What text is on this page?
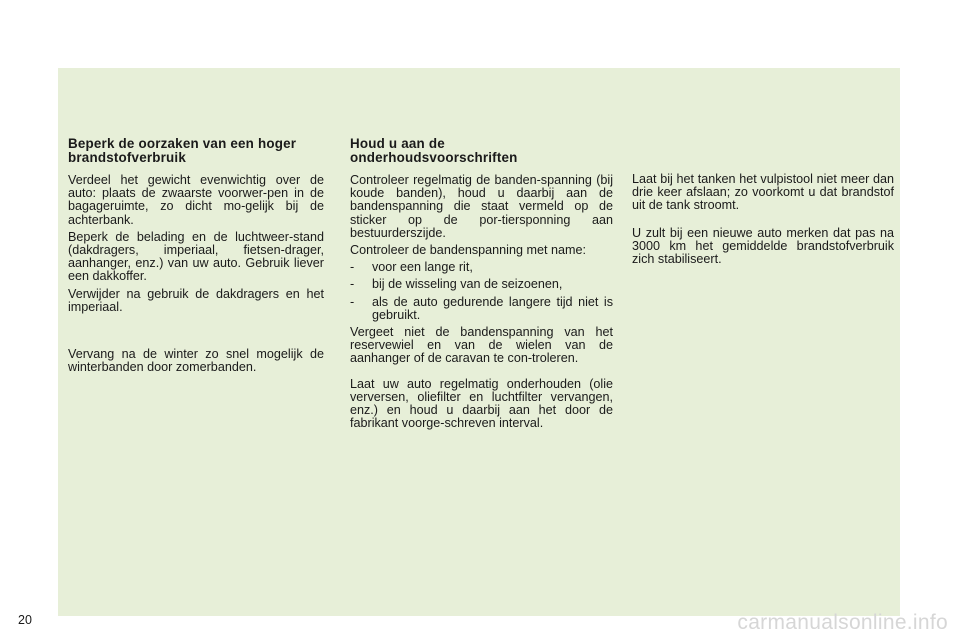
Beperk de oorzaken van een hoger brandstofverbruik

Verdeel het gewicht evenwichtig over de auto: plaats de zwaarste voorwer-pen in de bagageruimte, zo dicht mo-gelijk bij de achterbank.

Beperk de belading en de luchtweer-stand (dakdragers, imperiaal, fietsen-drager, aanhanger, enz.) van uw auto. Gebruik liever een dakkoffer.

Verwijder na gebruik de dakdragers en het imperiaal.

Vervang na de winter zo snel mogelijk de winterbanden door zomerbanden.

Houd u aan de onderhoudsvoorschriften

Controleer regelmatig de banden-spanning (bij koude banden), houd u daarbij aan de bandenspanning die staat vermeld op de sticker op de por-tiersponning aan bestuurderszijde.

Controleer de bandenspanning met name:

- voor een lange rit,
- bij de wisseling van de seizoenen,
- als de auto gedurende langere tijd niet is gebruikt.

Vergeet niet de bandenspanning van het reservewiel en van de wielen van de aanhanger of de caravan te con-troleren.

Laat uw auto regelmatig onderhouden (olie verversen, oliefilter en luchtfilter vervangen, enz.) en houd u daarbij aan het door de fabrikant voorge-schreven interval.

Laat bij het tanken het vulpistool niet meer dan drie keer afslaan; zo voorkomt u dat brandstof uit de tank stroomt.

U zult bij een nieuwe auto merken dat pas na 3000 km het gemiddelde brandstofverbruik zich stabiliseert.

20	carmanualsonline.info
